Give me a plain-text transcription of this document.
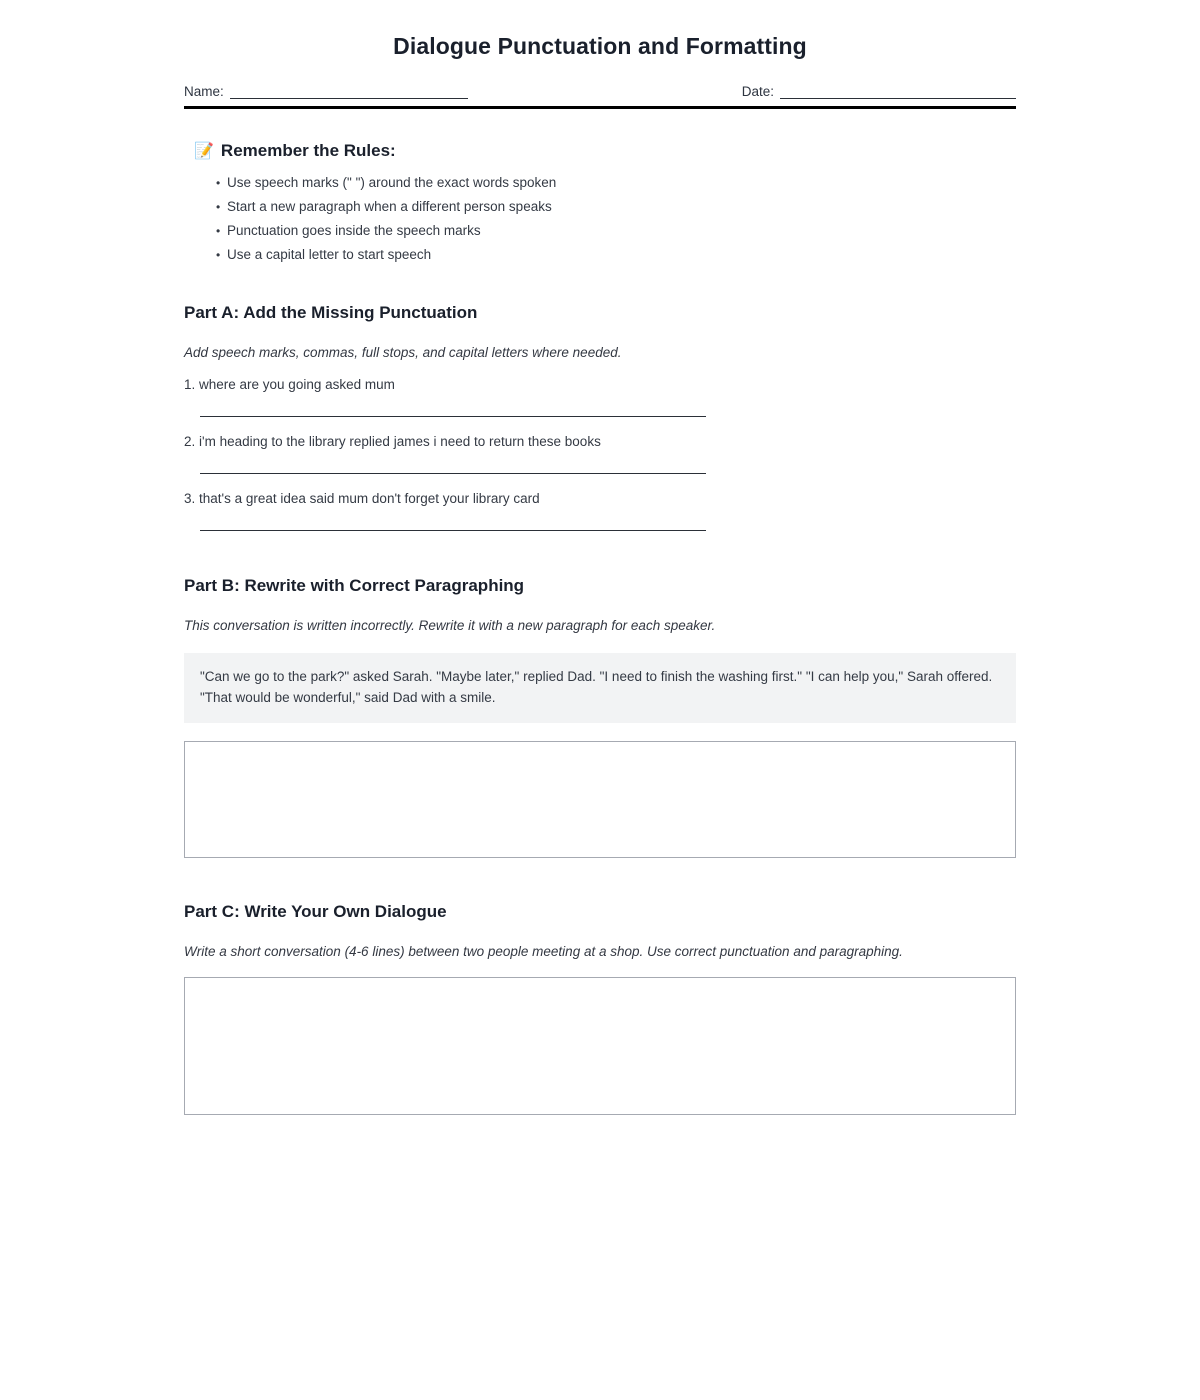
Dialogue Punctuation and Formatting
Name:	Date:
📝 Remember the Rules:
• Use speech marks (" ") around the exact words spoken
• Start a new paragraph when a different person speaks
• Punctuation goes inside the speech marks
• Use a capital letter to start speech
Part A: Add the Missing Punctuation

Add speech marks, commas, full stops, and capital letters where needed.

1. where are you going asked mum
2. i'm heading to the library replied james i need to return these books
3. that's a great idea said mum don't forget your library card
Part B: Rewrite with Correct Paragraphing

This conversation is written incorrectly. Rewrite it with a new paragraph for each speaker.

"Can we go to the park?" asked Sarah. "Maybe later," replied Dad. "I need to finish the washing first." "I can help you," Sarah offered. "That would be wonderful," said Dad with a smile.
Part C: Write Your Own Dialogue

Write a short conversation (4-6 lines) between two people meeting at a shop. Use correct punctuation and paragraphing.
